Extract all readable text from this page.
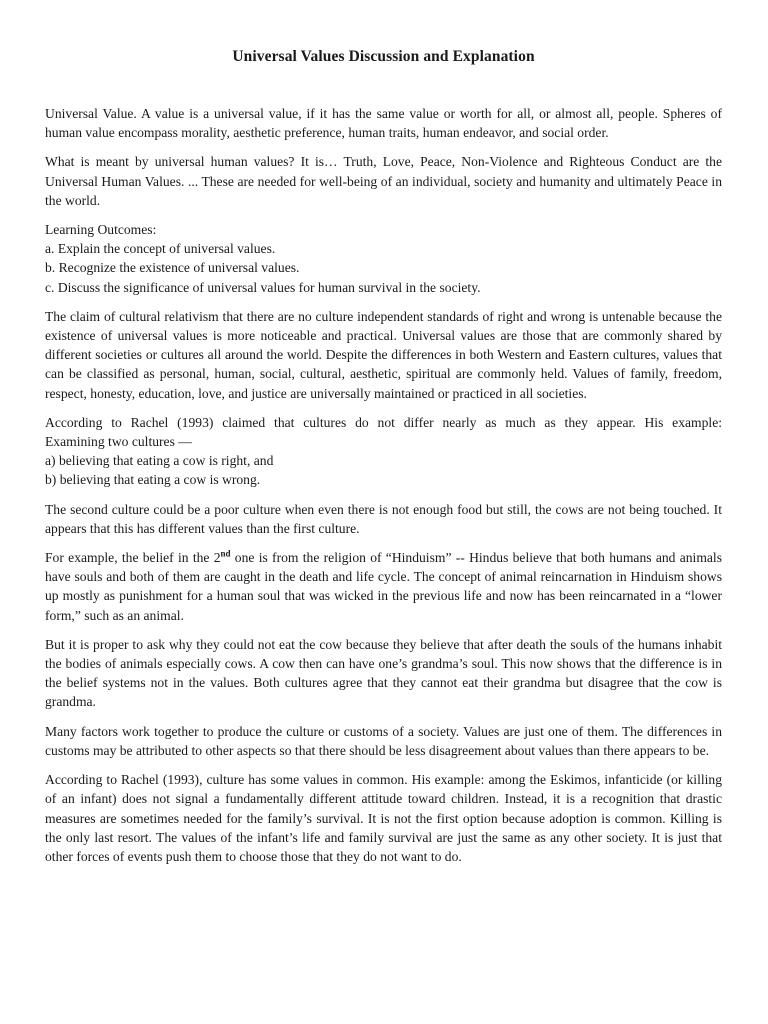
Universal Values Discussion and Explanation

Universal Value. A value is a universal value, if it has the same value or worth for all, or almost all, people. Spheres of human value encompass morality, aesthetic preference, human traits, human endeavor, and social order.

What is meant by universal human values? It is… Truth, Love, Peace, Non-Violence and Righteous Conduct are the Universal Human Values. ... These are needed for well-being of an individual, society and humanity and ultimately Peace in the world.

Learning Outcomes:
a. Explain the concept of universal values.
b. Recognize the existence of universal values.
c. Discuss the significance of universal values for human survival in the society.

The claim of cultural relativism that there are no culture independent standards of right and wrong is untenable because the existence of universal values is more noticeable and practical. Universal values are those that are commonly shared by different societies or cultures all around the world. Despite the differences in both Western and Eastern cultures, values that can be classified as personal, human, social, cultural, aesthetic, spiritual are commonly held. Values of family, freedom, respect, honesty, education, love, and justice are universally maintained or practiced in all societies.

According to Rachel (1993) claimed that cultures do not differ nearly as much as they appear. His example:
Examining two cultures —
a) believing that eating a cow is right, and
b) believing that eating a cow is wrong.

The second culture could be a poor culture when even there is not enough food but still, the cows are not being touched. It appears that this has different values than the first culture.

For example, the belief in the 2nd one is from the religion of “Hinduism” -- Hindus believe that both humans and animals have souls and both of them are caught in the death and life cycle. The concept of animal reincarnation in Hinduism shows up mostly as punishment for a human soul that was wicked in the previous life and now has been reincarnated in a “lower form,” such as an animal.

But it is proper to ask why they could not eat the cow because they believe that after death the souls of the humans inhabit the bodies of animals especially cows. A cow then can have one’s grandma’s soul. This now shows that the difference is in the belief systems not in the values. Both cultures agree that they cannot eat their grandma but disagree that the cow is grandma.

Many factors work together to produce the culture or customs of a society. Values are just one of them. The differences in customs may be attributed to other aspects so that there should be less disagreement about values than there appears to be.

According to Rachel (1993), culture has some values in common. His example: among the Eskimos, infanticide (or killing of an infant) does not signal a fundamentally different attitude toward children. Instead, it is a recognition that drastic measures are sometimes needed for the family’s survival. It is not the first option because adoption is common. Killing is the only last resort. The values of the infant’s life and family survival are just the same as any other society. It is just that other forces of events push them to choose those that they do not want to do.
